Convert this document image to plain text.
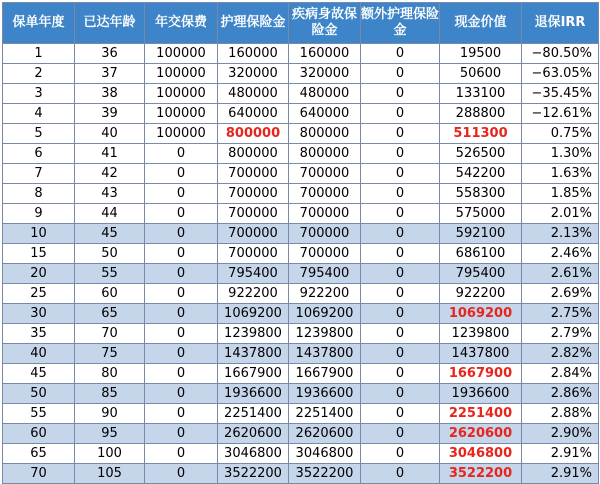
保单年度	已达年龄	年交保费	护理保险金	疾病身故保险金	额外护理保险金	现金价值	退保IRR
1	36	100000	160000	160000	0	19500	−80.50%
2	37	100000	320000	320000	0	50600	−63.05%
3	38	100000	480000	480000	0	133100	−35.45%
4	39	100000	640000	640000	0	288800	−12.61%
5	40	100000	800000	800000	0	511300	0.75%
6	41	0	800000	800000	0	526500	1.30%
7	42	0	700000	700000	0	542200	1.63%
8	43	0	700000	700000	0	558300	1.85%
9	44	0	700000	700000	0	575000	2.01%
10	45	0	700000	700000	0	592100	2.13%
15	50	0	700000	700000	0	686100	2.46%
20	55	0	795400	795400	0	795400	2.61%
25	60	0	922200	922200	0	922200	2.69%
30	65	0	1069200	1069200	0	1069200	2.75%
35	70	0	1239800	1239800	0	1239800	2.79%
40	75	0	1437800	1437800	0	1437800	2.82%
45	80	0	1667900	1667900	0	1667900	2.84%
50	85	0	1936600	1936600	0	1936600	2.86%
55	90	0	2251400	2251400	0	2251400	2.88%
60	95	0	2620600	2620600	0	2620600	2.90%
65	100	0	3046800	3046800	0	3046800	2.91%
70	105	0	3522200	3522200	0	3522200	2.91%
